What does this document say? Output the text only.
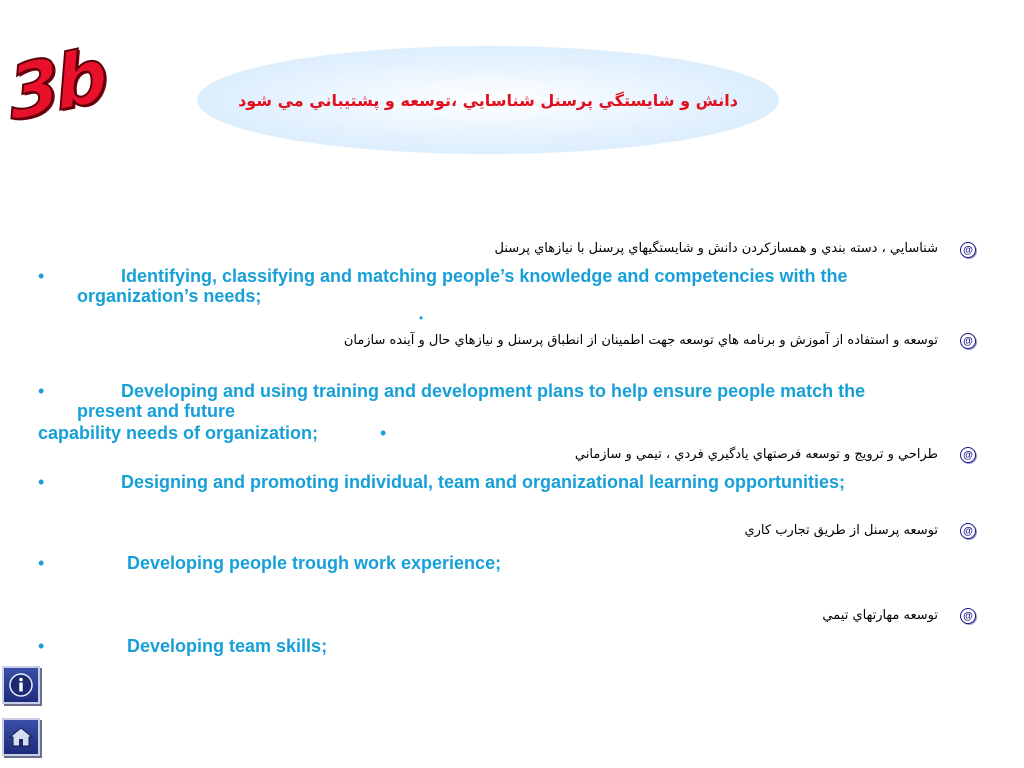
3b	دانش و شايستگي پرسنل شناسايي ،توسعه و پشتيباني مي شود
@
شناسايي ، دسته بندي و همسازكردن دانش و شايستگيهاي پرسنل با نيازهاي پرسنل
•	Identifying, classifying and matching people’s knowledge and competencies with the
organization’s needs;
•
@
توسعه و استفاده از آموزش و برنامه هاي توسعه جهت اطمينان از انطباق پرسنل و نيازهاي حال و آينده سازمان
•	Developing and using training and development plans to help ensure people match the
present and future
capability needs of organization;	•
@
طراحي و ترويج و توسعه فرصتهاي يادگيري فردي ، تيمي و سازماني
•	Designing and promoting individual, team and organizational learning opportunities;
@
توسعه پرسنل از طريق تجارب كاري
•	Developing people trough work experience;
@
توسعه مهارتهاي تيمي
•	Developing team skills;
